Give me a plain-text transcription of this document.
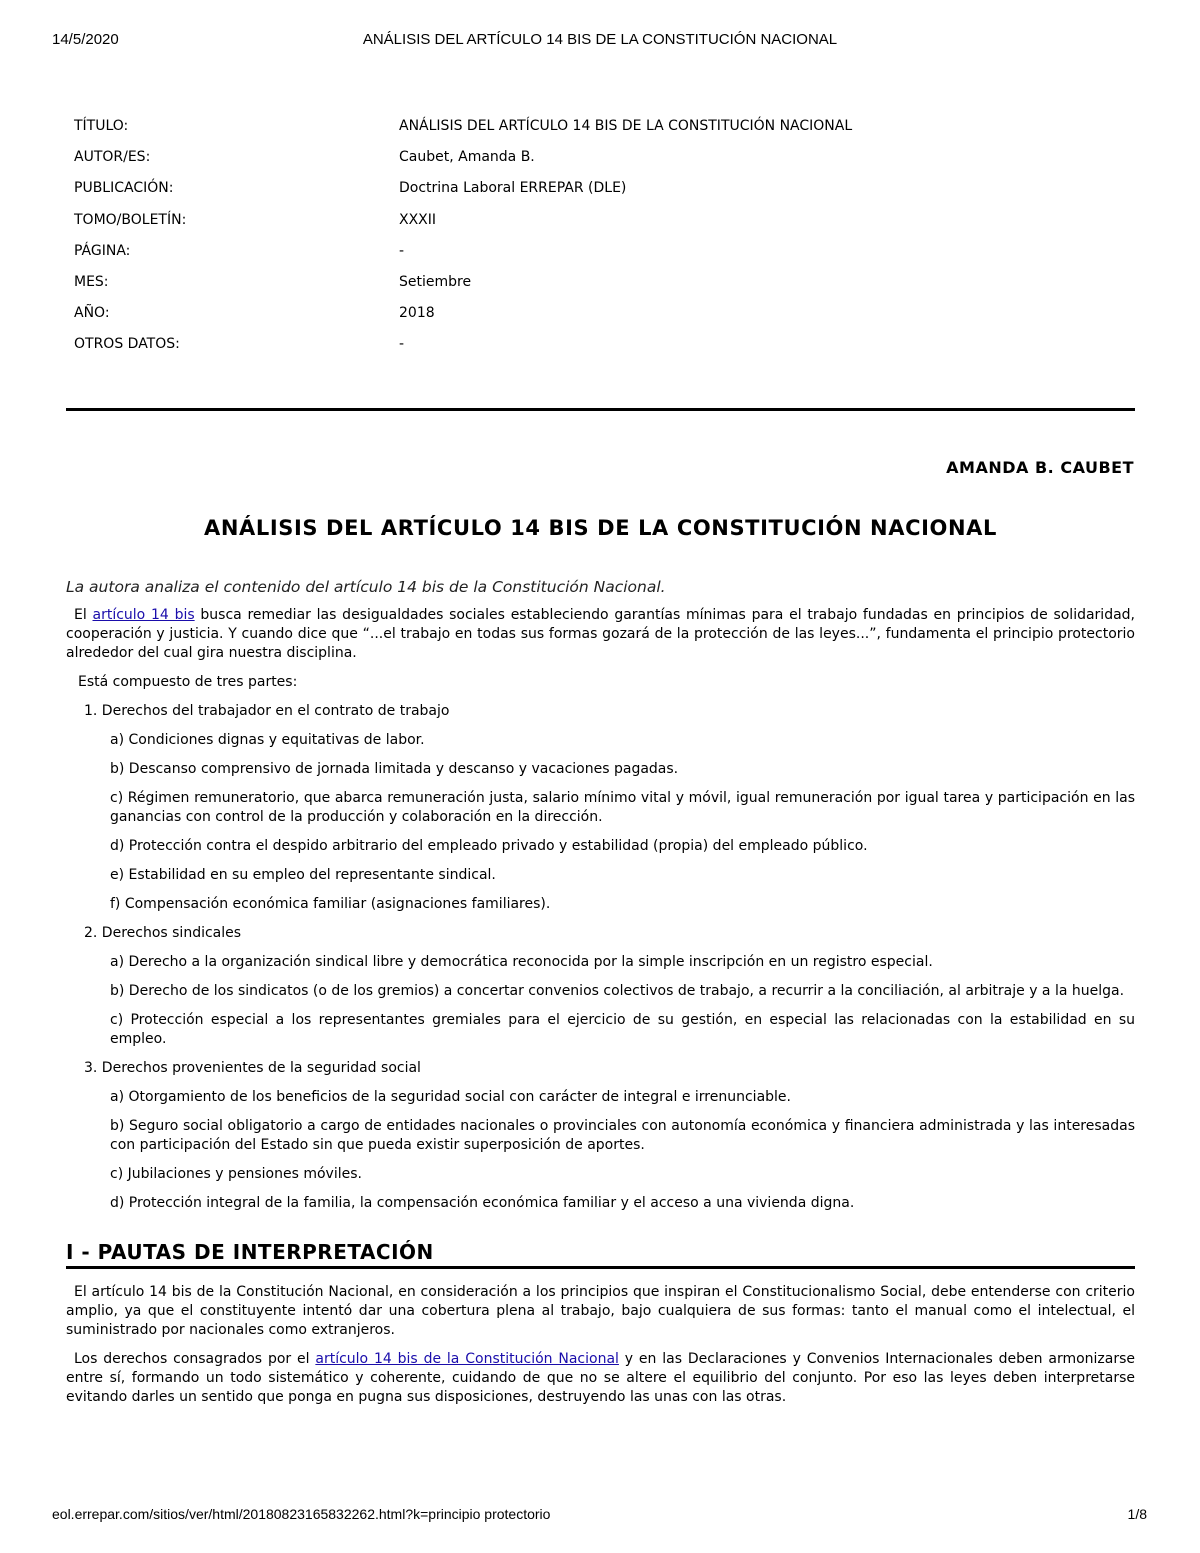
14/5/2020	ANÁLISIS DEL ARTÍCULO 14 BIS DE LA CONSTITUCIÓN NACIONAL
TÍTULO:	ANÁLISIS DEL ARTÍCULO 14 BIS DE LA CONSTITUCIÓN NACIONAL
AUTOR/ES:	Caubet, Amanda B.
PUBLICACIÓN:	Doctrina Laboral ERREPAR (DLE)
TOMO/BOLETÍN:	XXXII
PÁGINA:	-
MES:	Setiembre
AÑO:	2018
OTROS DATOS:	-
AMANDA B. CAUBET
ANÁLISIS DEL ARTÍCULO 14 BIS DE LA CONSTITUCIÓN NACIONAL

La autora analiza el contenido del artículo 14 bis de la Constitución Nacional.

El artículo 14 bis busca remediar las desigualdades sociales estableciendo garantías mínimas para el trabajo fundadas en principios de solidaridad, cooperación y justicia. Y cuando dice que “...el trabajo en todas sus formas gozará de la protección de las leyes...”, fundamenta el principio protectorio alrededor del cual gira nuestra disciplina.

Está compuesto de tres partes:

1. Derechos del trabajador en el contrato de trabajo

a) Condiciones dignas y equitativas de labor.

b) Descanso comprensivo de jornada limitada y descanso y vacaciones pagadas.

c) Régimen remuneratorio, que abarca remuneración justa, salario mínimo vital y móvil, igual remuneración por igual tarea y participación en las ganancias con control de la producción y colaboración en la dirección.

d) Protección contra el despido arbitrario del empleado privado y estabilidad (propia) del empleado público.

e) Estabilidad en su empleo del representante sindical.

f) Compensación económica familiar (asignaciones familiares).

2. Derechos sindicales

a) Derecho a la organización sindical libre y democrática reconocida por la simple inscripción en un registro especial.

b) Derecho de los sindicatos (o de los gremios) a concertar convenios colectivos de trabajo, a recurrir a la conciliación, al arbitraje y a la huelga.

c) Protección especial a los representantes gremiales para el ejercicio de su gestión, en especial las relacionadas con la estabilidad en su empleo.

3. Derechos provenientes de la seguridad social

a) Otorgamiento de los beneficios de la seguridad social con carácter de integral e irrenunciable.

b) Seguro social obligatorio a cargo de entidades nacionales o provinciales con autonomía económica y financiera administrada y las interesadas con participación del Estado sin que pueda existir superposición de aportes.

c) Jubilaciones y pensiones móviles.

d) Protección integral de la familia, la compensación económica familiar y el acceso a una vivienda digna.

I - PAUTAS DE INTERPRETACIÓN

El artículo 14 bis de la Constitución Nacional, en consideración a los principios que inspiran el Constitucionalismo Social, debe entenderse con criterio amplio, ya que el constituyente intentó dar una cobertura plena al trabajo, bajo cualquiera de sus formas: tanto el manual como el intelectual, el suministrado por nacionales como extranjeros.

Los derechos consagrados por el artículo 14 bis de la Constitución Nacional y en las Declaraciones y Convenios Internacionales deben armonizarse entre sí, formando un todo sistemático y coherente, cuidando de que no se altere el equilibrio del conjunto. Por eso las leyes deben interpretarse evitando darles un sentido que ponga en pugna sus disposiciones, destruyendo las unas con las otras.

eol.errepar.com/sitios/ver/html/20180823165832262.html?k=principio protectorio	1/8
